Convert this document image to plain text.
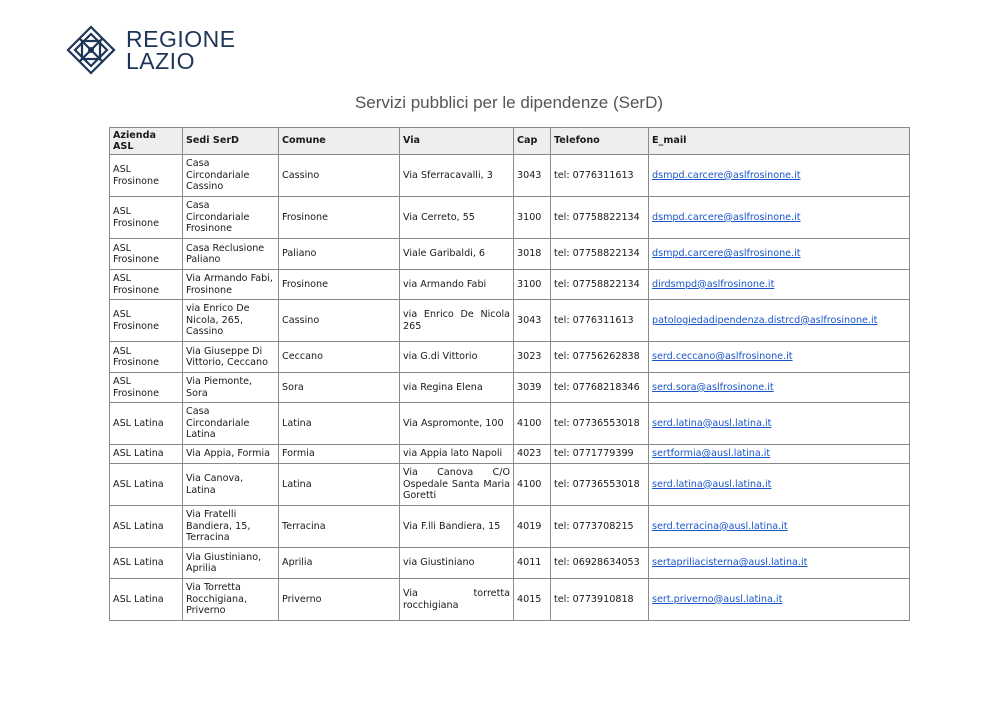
REGIONE
LAZIO
Servizi pubblici per le dipendenze (SerD)
Azienda ASL	Sedi SerD	Comune	Via	Cap	Telefono	E_mail
ASL Frosinone	Casa Circondariale Cassino	Cassino	Via Sferracavalli, 3	3043	tel: 0776311613	dsmpd.carcere@aslfrosinone.it
ASL Frosinone	Casa Circondariale Frosinone	Frosinone	Via Cerreto, 55	3100	tel: 07758822134	dsmpd.carcere@aslfrosinone.it
ASL Frosinone	Casa Reclusione Paliano	Paliano	Viale Garibaldi, 6	3018	tel: 07758822134	dsmpd.carcere@aslfrosinone.it
ASL Frosinone	Via Armando Fabi, Frosinone	Frosinone	via Armando Fabi	3100	tel: 07758822134	dirdsmpd@aslfrosinone.it
ASL Frosinone	via Enrico De Nicola, 265, Cassino	Cassino	via Enrico De Nicola 265	3043	tel: 0776311613	patologiedadipendenza.distrcd@aslfrosinone.it
ASL Frosinone	Via Giuseppe Di Vittorio, Ceccano	Ceccano	via G.di Vittorio	3023	tel: 07756262838	serd.ceccano@aslfrosinone.it
ASL Frosinone	Via Piemonte, Sora	Sora	via Regina Elena	3039	tel: 07768218346	serd.sora@aslfrosinone.it
ASL Latina	Casa Circondariale Latina	Latina	Via Aspromonte, 100	4100	tel: 07736553018	serd.latina@ausl.latina.it
ASL Latina	Via Appia, Formia	Formia	via Appia lato Napoli	4023	tel: 0771779399	sertformia@ausl.latina.it
ASL Latina	Via Canova, Latina	Latina	Via Canova C/O Ospedale Santa Maria Goretti	4100	tel: 07736553018	serd.latina@ausl.latina.it
ASL Latina	Via Fratelli Bandiera, 15, Terracina	Terracina	Via F.lli Bandiera, 15	4019	tel: 0773708215	serd.terracina@ausl.latina.it
ASL Latina	Via Giustiniano, Aprilia	Aprilia	via Giustiniano	4011	tel: 06928634053	sertapriliacisterna@ausl.latina.it
ASL Latina	Via Torretta Rocchigiana, Priverno	Priverno	Via torretta rocchigiana	4015	tel: 0773910818	sert.priverno@ausl.latina.it
